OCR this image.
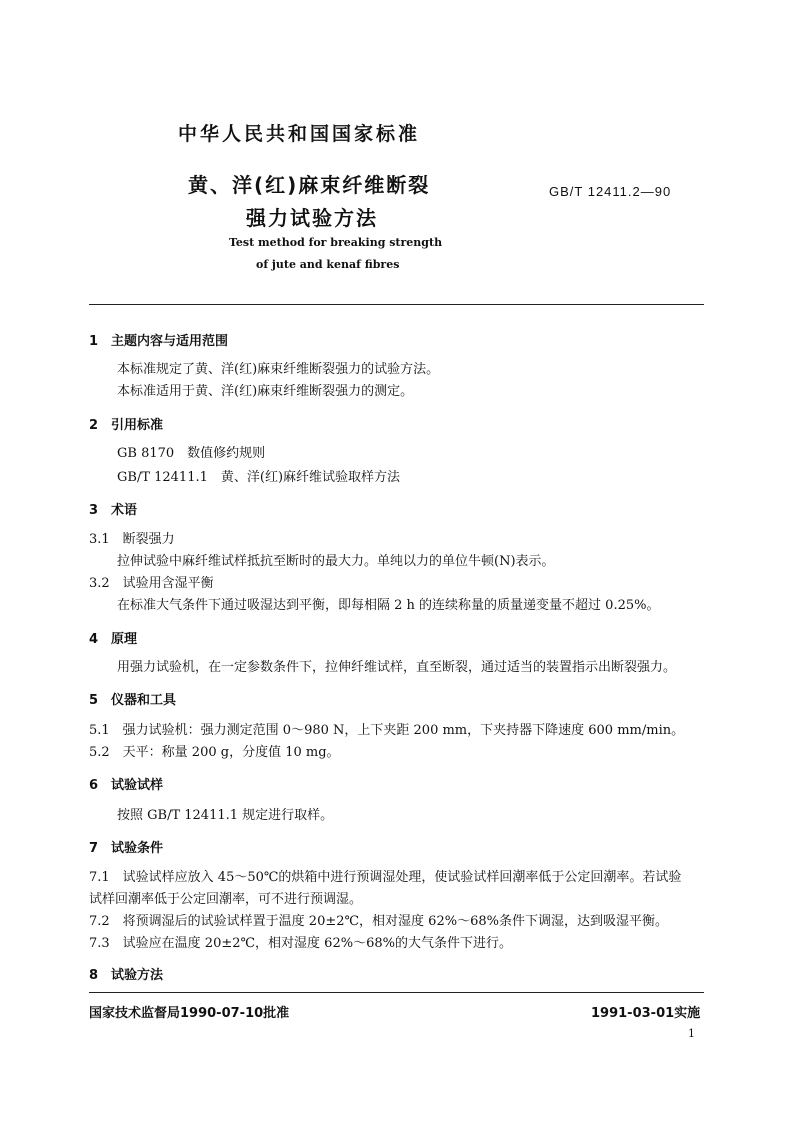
中华人民共和国国家标准
黄、洋(红)麻束纤维断裂
强力试验方法
GB/T 12411.2—90
Test method for breaking strength
of jute and kenaf fibres
1　主题内容与适用范围
本标准规定了黄、洋(红)麻束纤维断裂强力的试验方法。
本标准适用于黄、洋(红)麻束纤维断裂强力的测定。
2　引用标准
GB 8170　数值修约规则
GB/T 12411.1　黄、洋(红)麻纤维试验取样方法
3　术语
3.1　断裂强力
拉伸试验中麻纤维试样抵抗至断时的最大力。单纯以力的单位牛顿(N)表示。
3.2　试验用含湿平衡
在标准大气条件下通过吸湿达到平衡，即每相隔 2 h 的连续称量的质量递变量不超过 0.25%。
4　原理
用强力试验机，在一定参数条件下，拉伸纤维试样，直至断裂，通过适当的装置指示出断裂强力。
5　仪器和工具
5.1　强力试验机：强力测定范围 0～980 N，上下夹距 200 mm，下夹持器下降速度 600 mm/min。
5.2　天平：称量 200 g，分度值 10 mg。
6　试验试样
按照 GB/T 12411.1 规定进行取样。
7　试验条件
7.1　试验试样应放入 45～50℃的烘箱中进行预调湿处理，使试验试样回潮率低于公定回潮率。若试验
试样回潮率低于公定回潮率，可不进行预调湿。
7.2　将预调湿后的试验试样置于温度 20±2℃，相对湿度 62%～68%条件下调湿，达到吸湿平衡。
7.3　试验应在温度 20±2℃，相对湿度 62%～68%的大气条件下进行。
8　试验方法
国家技术监督局1990-07-10批准	1991-03-01实施
1
